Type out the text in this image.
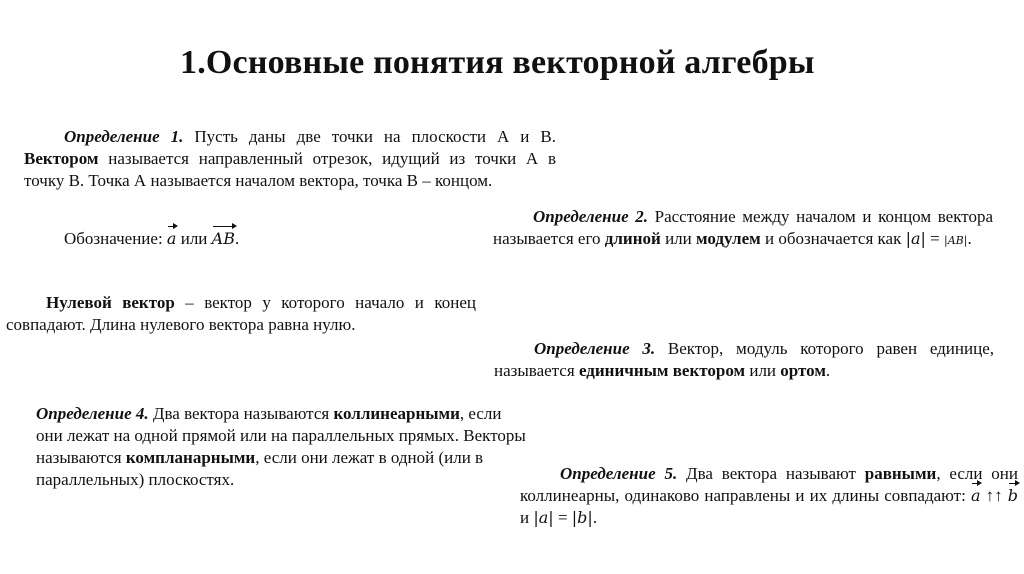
1.Основные понятия векторной алгебры
Определение 1. Пусть даны две точки на плоскости А и В. Вектором называется направленный отрезок, идущий из точки А в точку В. Точка А называется началом вектора, точка В – концом.
Обозначение: a или AB.
Определение 2. Расстояние между началом и концом вектора называется его длиной или модулем и обозначается как |a| = |AB|.
Нулевой вектор – вектор у которого начало и конец совпадают. Длина нулевого вектора равна нулю.
Определение 3. Вектор, модуль которого равен единице, называется единичным вектором или ортом.
Определение 4. Два вектора называются коллинеарными, если они лежат на одной прямой или на параллельных прямых. Векторы называются компланарными, если они лежат в одной (или в параллельных) плоскостях.	Определение 5. Два вектора называют равными, если они коллинеарны, одинаково направлены и их длины совпадают: a ↑↑ b и |a| = |b|.
